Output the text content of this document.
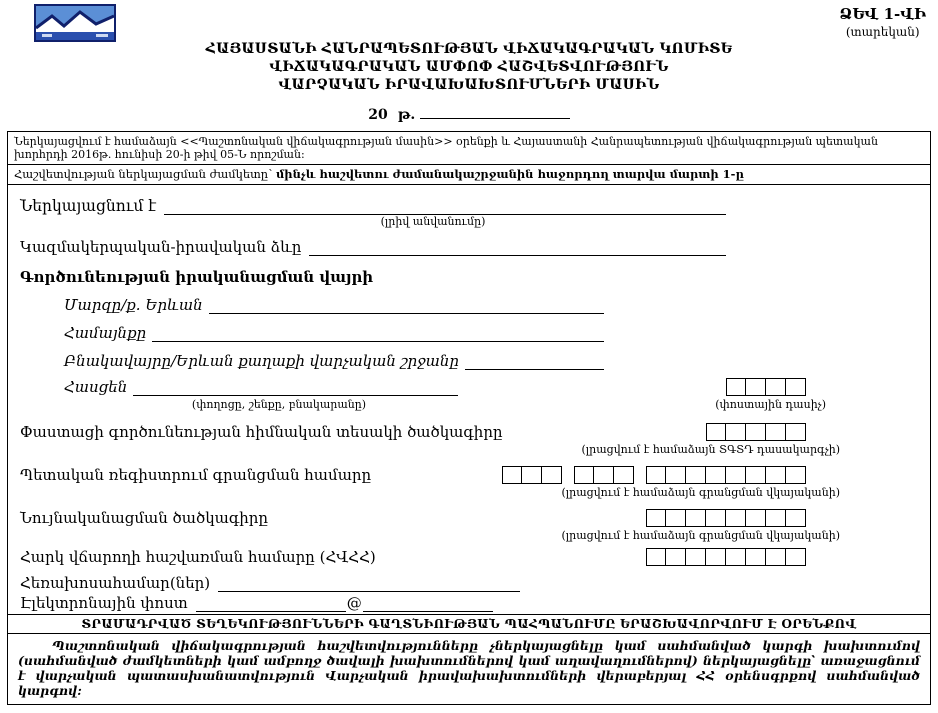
ՁԵՎ 1-ՎԻ
(տարեկան)
ՀԱՅԱՍՏԱՆԻ ՀԱՆՐԱՊԵՏՈՒԹՅԱՆ ՎԻՃԱԿԱԳՐԱԿԱՆ ԿՈՄԻՏԵ
ՎԻՃԱԿԱԳՐԱԿԱՆ ԱՄՓՈՓ ՀԱՇՎԵՏՎՈՒԹՅՈՒՆ
ՎԱՐՉԱԿԱՆ ԻՐԱՎԱԽԱԽՏՈՒՄՆԵՐԻ ՄԱՍԻՆ
20 թ.
Ներկայացվում է համաձայն <<Պաշտոնական վիճակագրության մասին>> օրենքի և Հայաստանի Հանրապետության վիճակագրության պետական խորհրդի 2016թ. հունիսի 20-ի թիվ 05-Ն որոշման:
Հաշվետվության ներկայացման ժամկետը՝ մինչև հաշվետու ժամանակաշրջանին հաջորդող տարվա մարտի 1-ը
Ներկայացնում է
(լրիվ անվանումը)
Կազմակերպական-իրավական ձևը
Գործունեության իրականացման վայրի
Մարզը/ք. Երևան
Համայնքը
Բնակավայրը/Երևան քաղաքի վարչական շրջանը
Հասցեն
(փողոցը, շենքը, բնակարանը)	(փոստային դասիչ)
Փաստացի գործունեության հիմնական տեսակի ծածկագիրը
(լրացվում է համաձայն ՏԳՏԴ դասակարգչի)
Պետական ռեգիստրում գրանցման համարը
(լրացվում է համաձայն գրանցման վկայականի)
Նույնականացման ծածկագիրը
(լրացվում է համաձայն գրանցման վկայականի)
Հարկ վճարողի հաշվառման համարը (ՀՎՀՀ)
Հեռախոսահամար(ներ)
Էլեկտրոնային փոստ	@
ՏՐԱՄԱԴՐՎԱԾ ՏԵՂԵԿՈՒԹՅՈՒՆՆԵՐԻ ԳԱՂՏՆԻՈՒԹՅԱՆ ՊԱՀՊԱՆՈՒՄԸ ԵՐԱՇԽԱՎՈՐՎՈՒՄ Է ՕՐԵՆՔՈՎ
Պաշտոնական վիճակագրության հաշվետվությունները չներկայացնելը կամ սահմանված կարգի խախտումով (սահմանված ժամկետների կամ ամբողջ ծավալի խախտումներով կամ աղավաղումներով) ներկայացնելը՝ առաջացնում է վարչական պատասխանատվություն Վարչական իրավախախտումների վերաբերյալ ՀՀ օրենսգրքով սահմանված կարգով:
